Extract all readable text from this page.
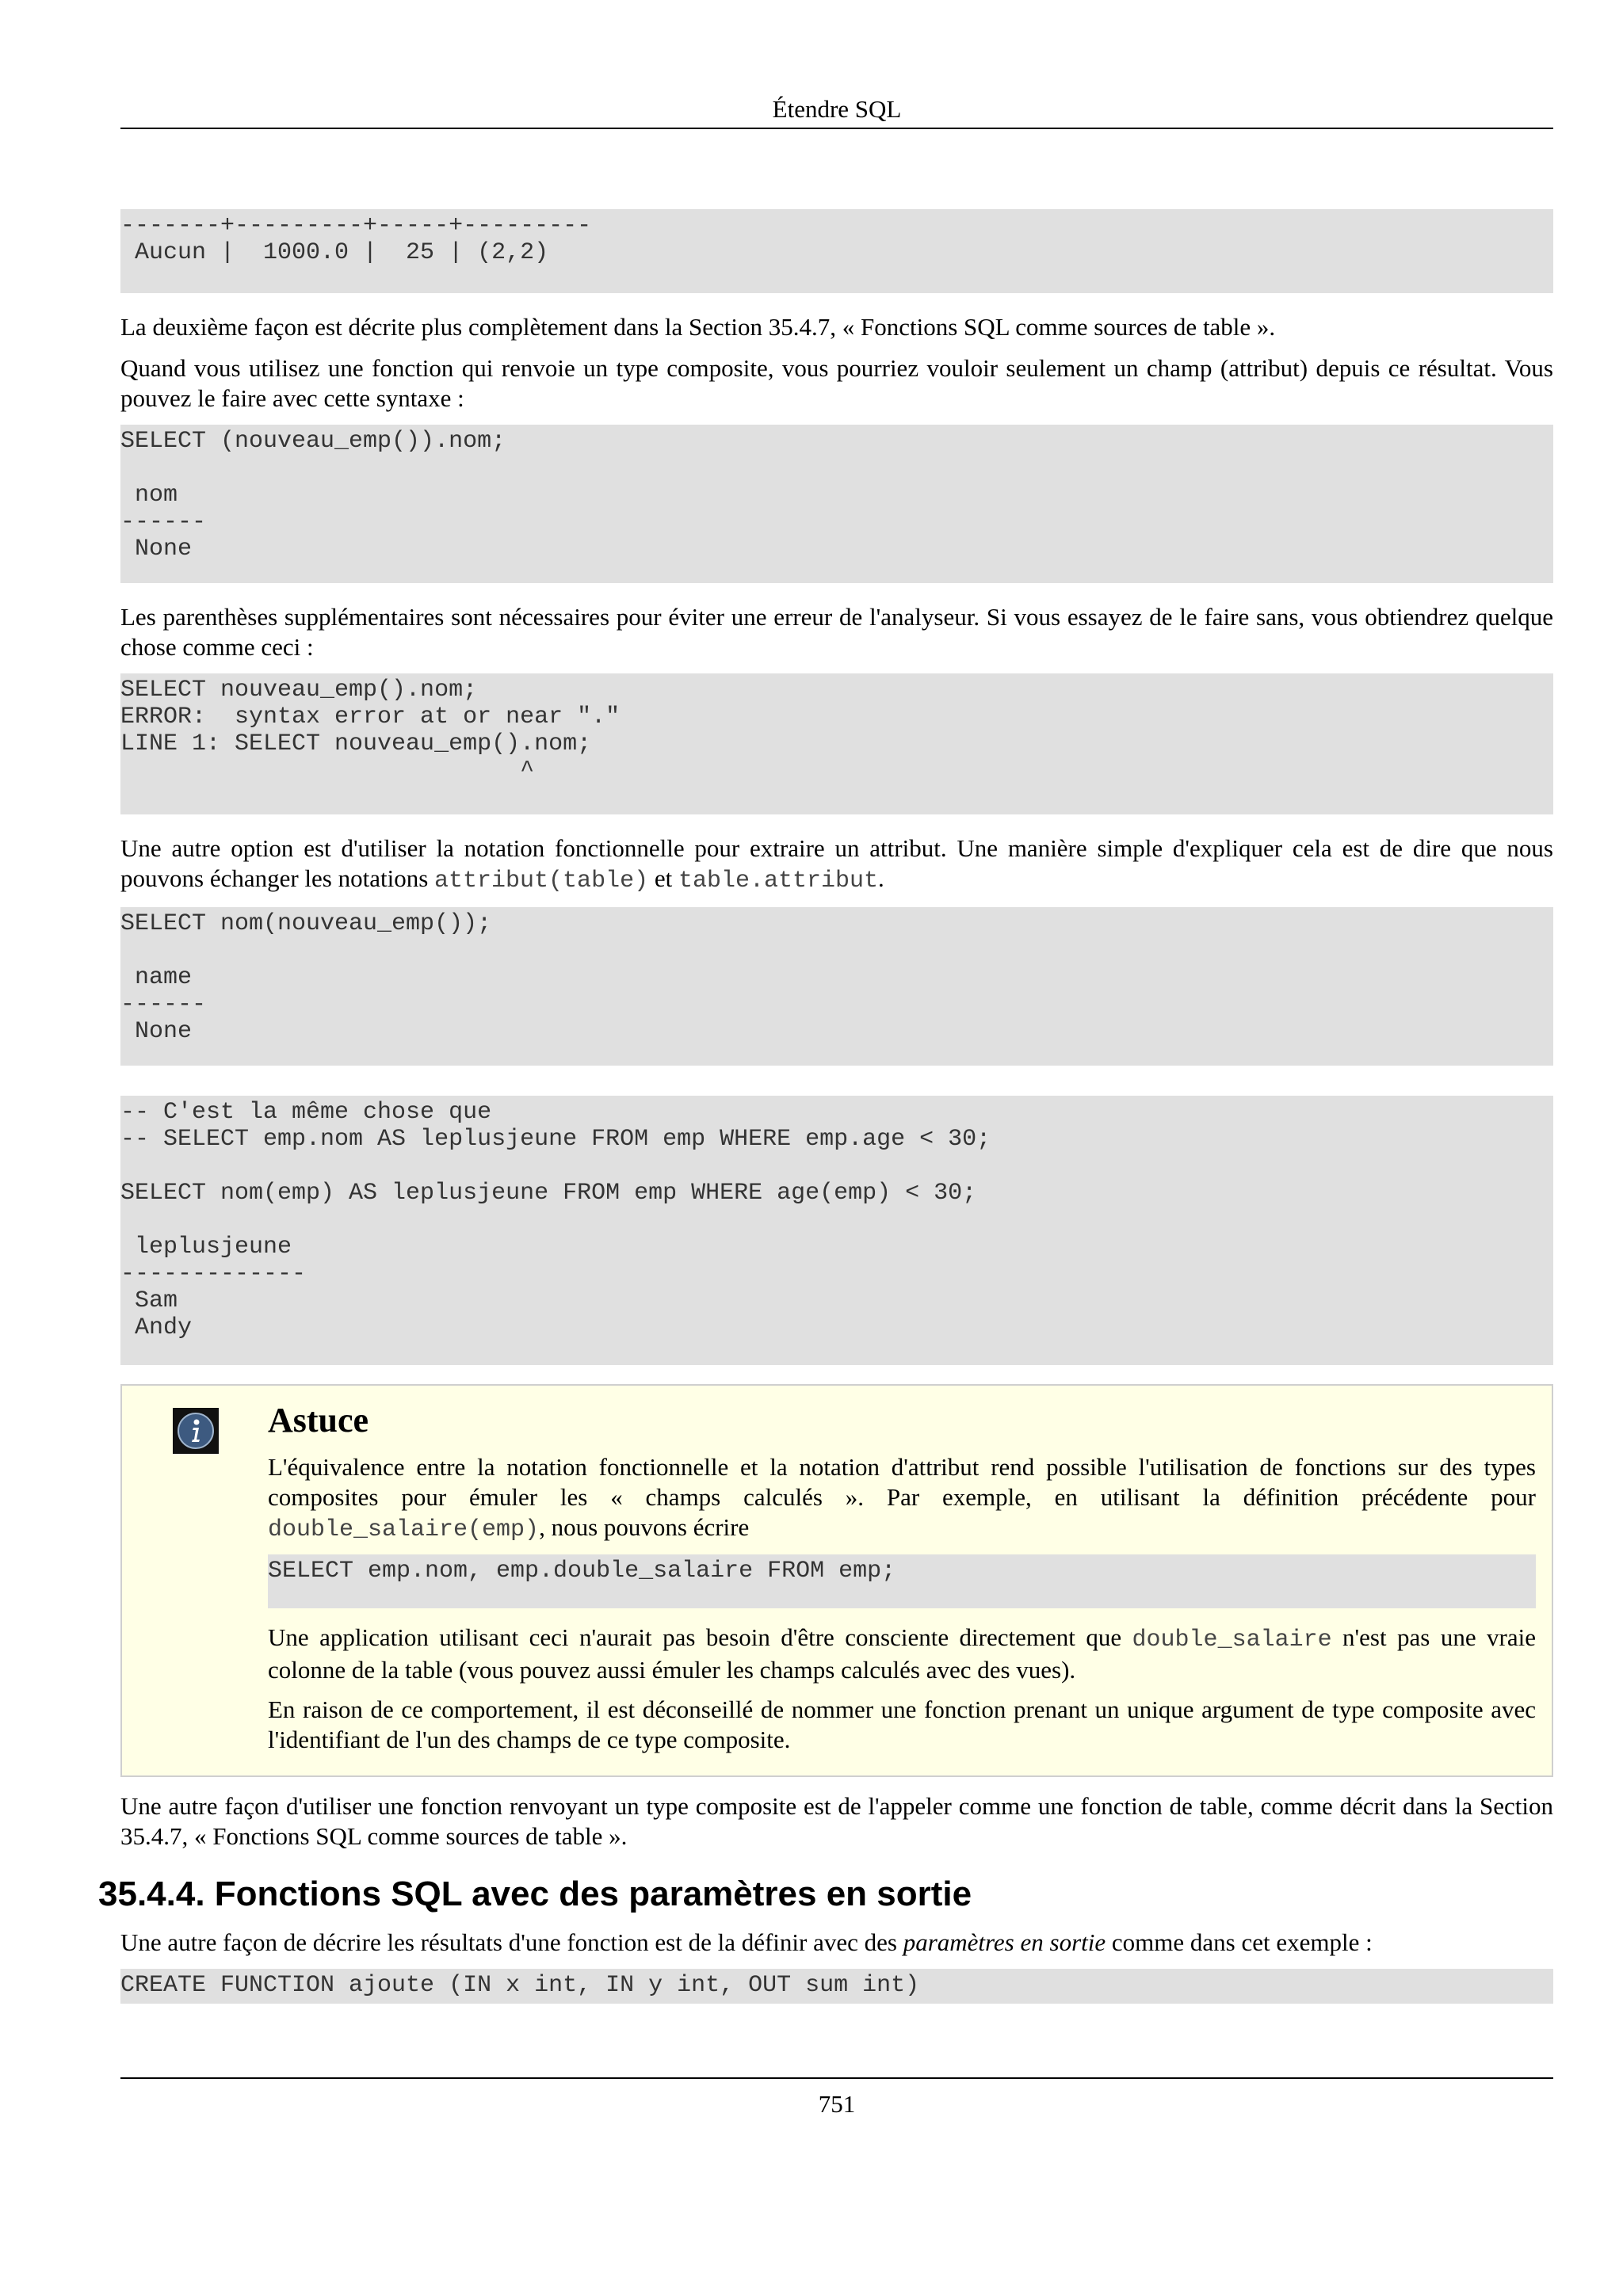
Étendre SQL
-------+---------+-----+---------
Aucun |  1000.0 |  25 | (2,2)

La deuxième façon est décrite plus complètement dans la Section 35.4.7, « Fonctions SQL comme sources de table ».

Quand vous utilisez une fonction qui renvoie un type composite, vous pourriez vouloir seulement un champ (attribut) depuis ce résultat. Vous pouvez le faire avec cette syntaxe :

SELECT (nouveau_emp()).nom;

nom
------
None

Les parenthèses supplémentaires sont nécessaires pour éviter une erreur de l'analyseur. Si vous essayez de le faire sans, vous obtiendrez quelque chose comme ceci :

SELECT nouveau_emp().nom;
ERROR:  syntax error at or near "."
LINE 1: SELECT nouveau_emp().nom;
^

Une autre option est d'utiliser la notation fonctionnelle pour extraire un attribut. Une manière simple d'expliquer cela est de dire que nous pouvons échanger les notations attribut(table) et table.attribut.

SELECT nom(nouveau_emp());

name
------
None
-- C'est la même chose que
-- SELECT emp.nom AS leplusjeune FROM emp WHERE emp.age < 30;

SELECT nom(emp) AS leplusjeune FROM emp WHERE age(emp) < 30;

leplusjeune
-------------
Sam
Andy
Astuce

L'équivalence entre la notation fonctionnelle et la notation d'attribut rend possible l'utilisation de fonctions sur des types composites pour émuler les « champs calculés ». Par exemple, en utilisant la définition précédente pour double_salaire(emp), nous pouvons écrire

SELECT emp.nom, emp.double_salaire FROM emp;

Une application utilisant ceci n'aurait pas besoin d'être consciente directement que double_salaire n'est pas une vraie colonne de la table (vous pouvez aussi émuler les champs calculés avec des vues).

En raison de ce comportement, il est déconseillé de nommer une fonction prenant un unique argument de type composite avec l'identifiant de l'un des champs de ce type composite.

Une autre façon d'utiliser une fonction renvoyant un type composite est de l'appeler comme une fonction de table, comme décrit dans la Section 35.4.7, « Fonctions SQL comme sources de table ».

35.4.4. Fonctions SQL avec des paramètres en sortie

Une autre façon de décrire les résultats d'une fonction est de la définir avec des paramètres en sortie comme dans cet exemple :

CREATE FUNCTION ajoute (IN x int, IN y int, OUT sum int)
751
